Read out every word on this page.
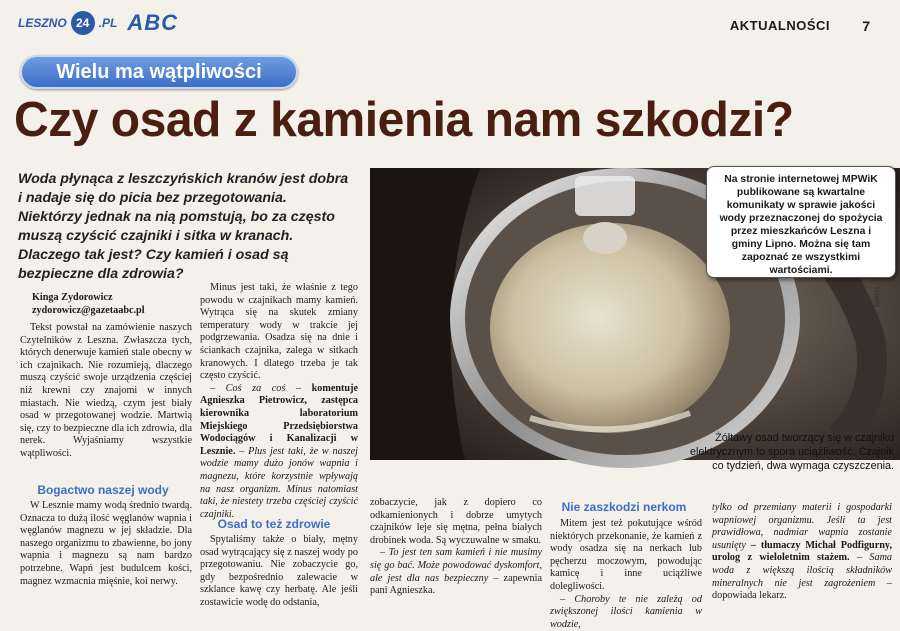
LESZNO 24 .PL ABC	AKTUALNOŚCI 7
Wielu ma wątpliwości
Czy osad z kamienia nam szkodzi?
Woda płynąca z leszczyńskich kranów jest dobra i nadaje się do picia bez przegotowania. Niektórzy jednak na nią pomstują, bo za często muszą czyścić czajniki i sitka w kranach. Dlaczego tak jest? Czy kamień i osad są bezpieczne dla zdrowia?
Fot. E. Baldys
Na stronie internetowej MPWiK publikowane są kwartalne komunikaty w sprawie jakości wody przeznaczonej do spożycia przez mieszkańców Leszna i gminy Lipno. Można się tam zapoznać ze wszystkimi wartościami.
Żółtawy osad tworzący się w czajniku elektrycznym to spora uciążliwość. Czajnik co tydzień, dwa wymaga czyszczenia.
Kinga Zydorowicz
zydorowicz@gazetaabc.pl

Tekst powstał na zamówienie naszych Czytelników z Leszna. Zwłaszcza tych, których denerwuje kamień stale obecny w ich czajnikach. Nie rozumieją, dlaczego muszą czyścić swoje urządzenia częściej niż krewni czy znajomi w innych miastach. Nie wiedzą, czym jest biały osad w przegotowanej wodzie. Martwią się, czy to bezpieczne dla ich zdrowia, dla nerek. Wyjaśniamy wszystkie wątpliwości.

Bogactwo naszej wody

W Lesznie mamy wodą średnio twardą. Oznacza to dużą ilość węglanów wapnia i węglanów magnezu w jej składzie. Dla naszego organizmu to zbawienne, bo jony wapnia i magnezu są nam bardzo potrzebne. Wapń jest budulcem kości, magnez wzmacnia mięśnie, koi nerwy.

Minus jest taki, że właśnie z tego powodu w czajnikach mamy kamień. Wytrąca się na skutek zmiany temperatury wody w trakcie jej podgrzewania. Osadza się na dnie i ściankach czajnika, zalega w sitkach kranowych. I dlatego trzeba je tak często czyścić.

– Coś za coś – komentuje Agnieszka Pietrowicz, zastępca kierownika laboratorium Miejskiego Przedsiębiorstwa Wodociągów i Kanalizacji w Lesznie. – Plus jest taki, że w naszej wodzie mamy dużo jonów wapnia i magnezu, które korzystnie wpływają na nasz organizm. Minus natomiast taki, że niestety trzeba częściej czyścić czajniki.

Osad to też zdrowie

Spytaliśmy także o biały, mętny osad wytrącający się z naszej wody po przegotowaniu. Nie zobaczycie go, gdy bezpośrednio zalewacie w szklance kawę czy herbatę. Ale jeśli zostawicie wodę do odstania,

zobaczycie, jak z dopiero co odkamienionych i dobrze umytych czajników leje się mętna, pełna białych drobinek woda. Są wyczuwalne w smaku.

– To jest ten sam kamień i nie musimy się go bać. Może powodować dyskomfort, ale jest dla nas bezpieczny – zapewnia pani Agnieszka.

Nie zaszkodzi nerkom

Mitem jest też pokutujące wśród niektórych przekonanie, że kamień z wody osadza się na nerkach lub pęcherzu moczowym, powodując kamicę i inne uciążliwe dolegliwości.

– Choroby te nie zależą od zwiększonej ilości kamienia w wodzie,

tylko od przemiany materii i gospodarki wapniowej organizmu. Jeśli ta jest prawidłowa, nadmiar wapnia zostanie usunięty – tłumaczy Michał Podfigurny, urolog z wieloletnim stażem. – Sama woda z większą ilością składników mineralnych nie jest zagrożeniem – dopowiada lekarz.
